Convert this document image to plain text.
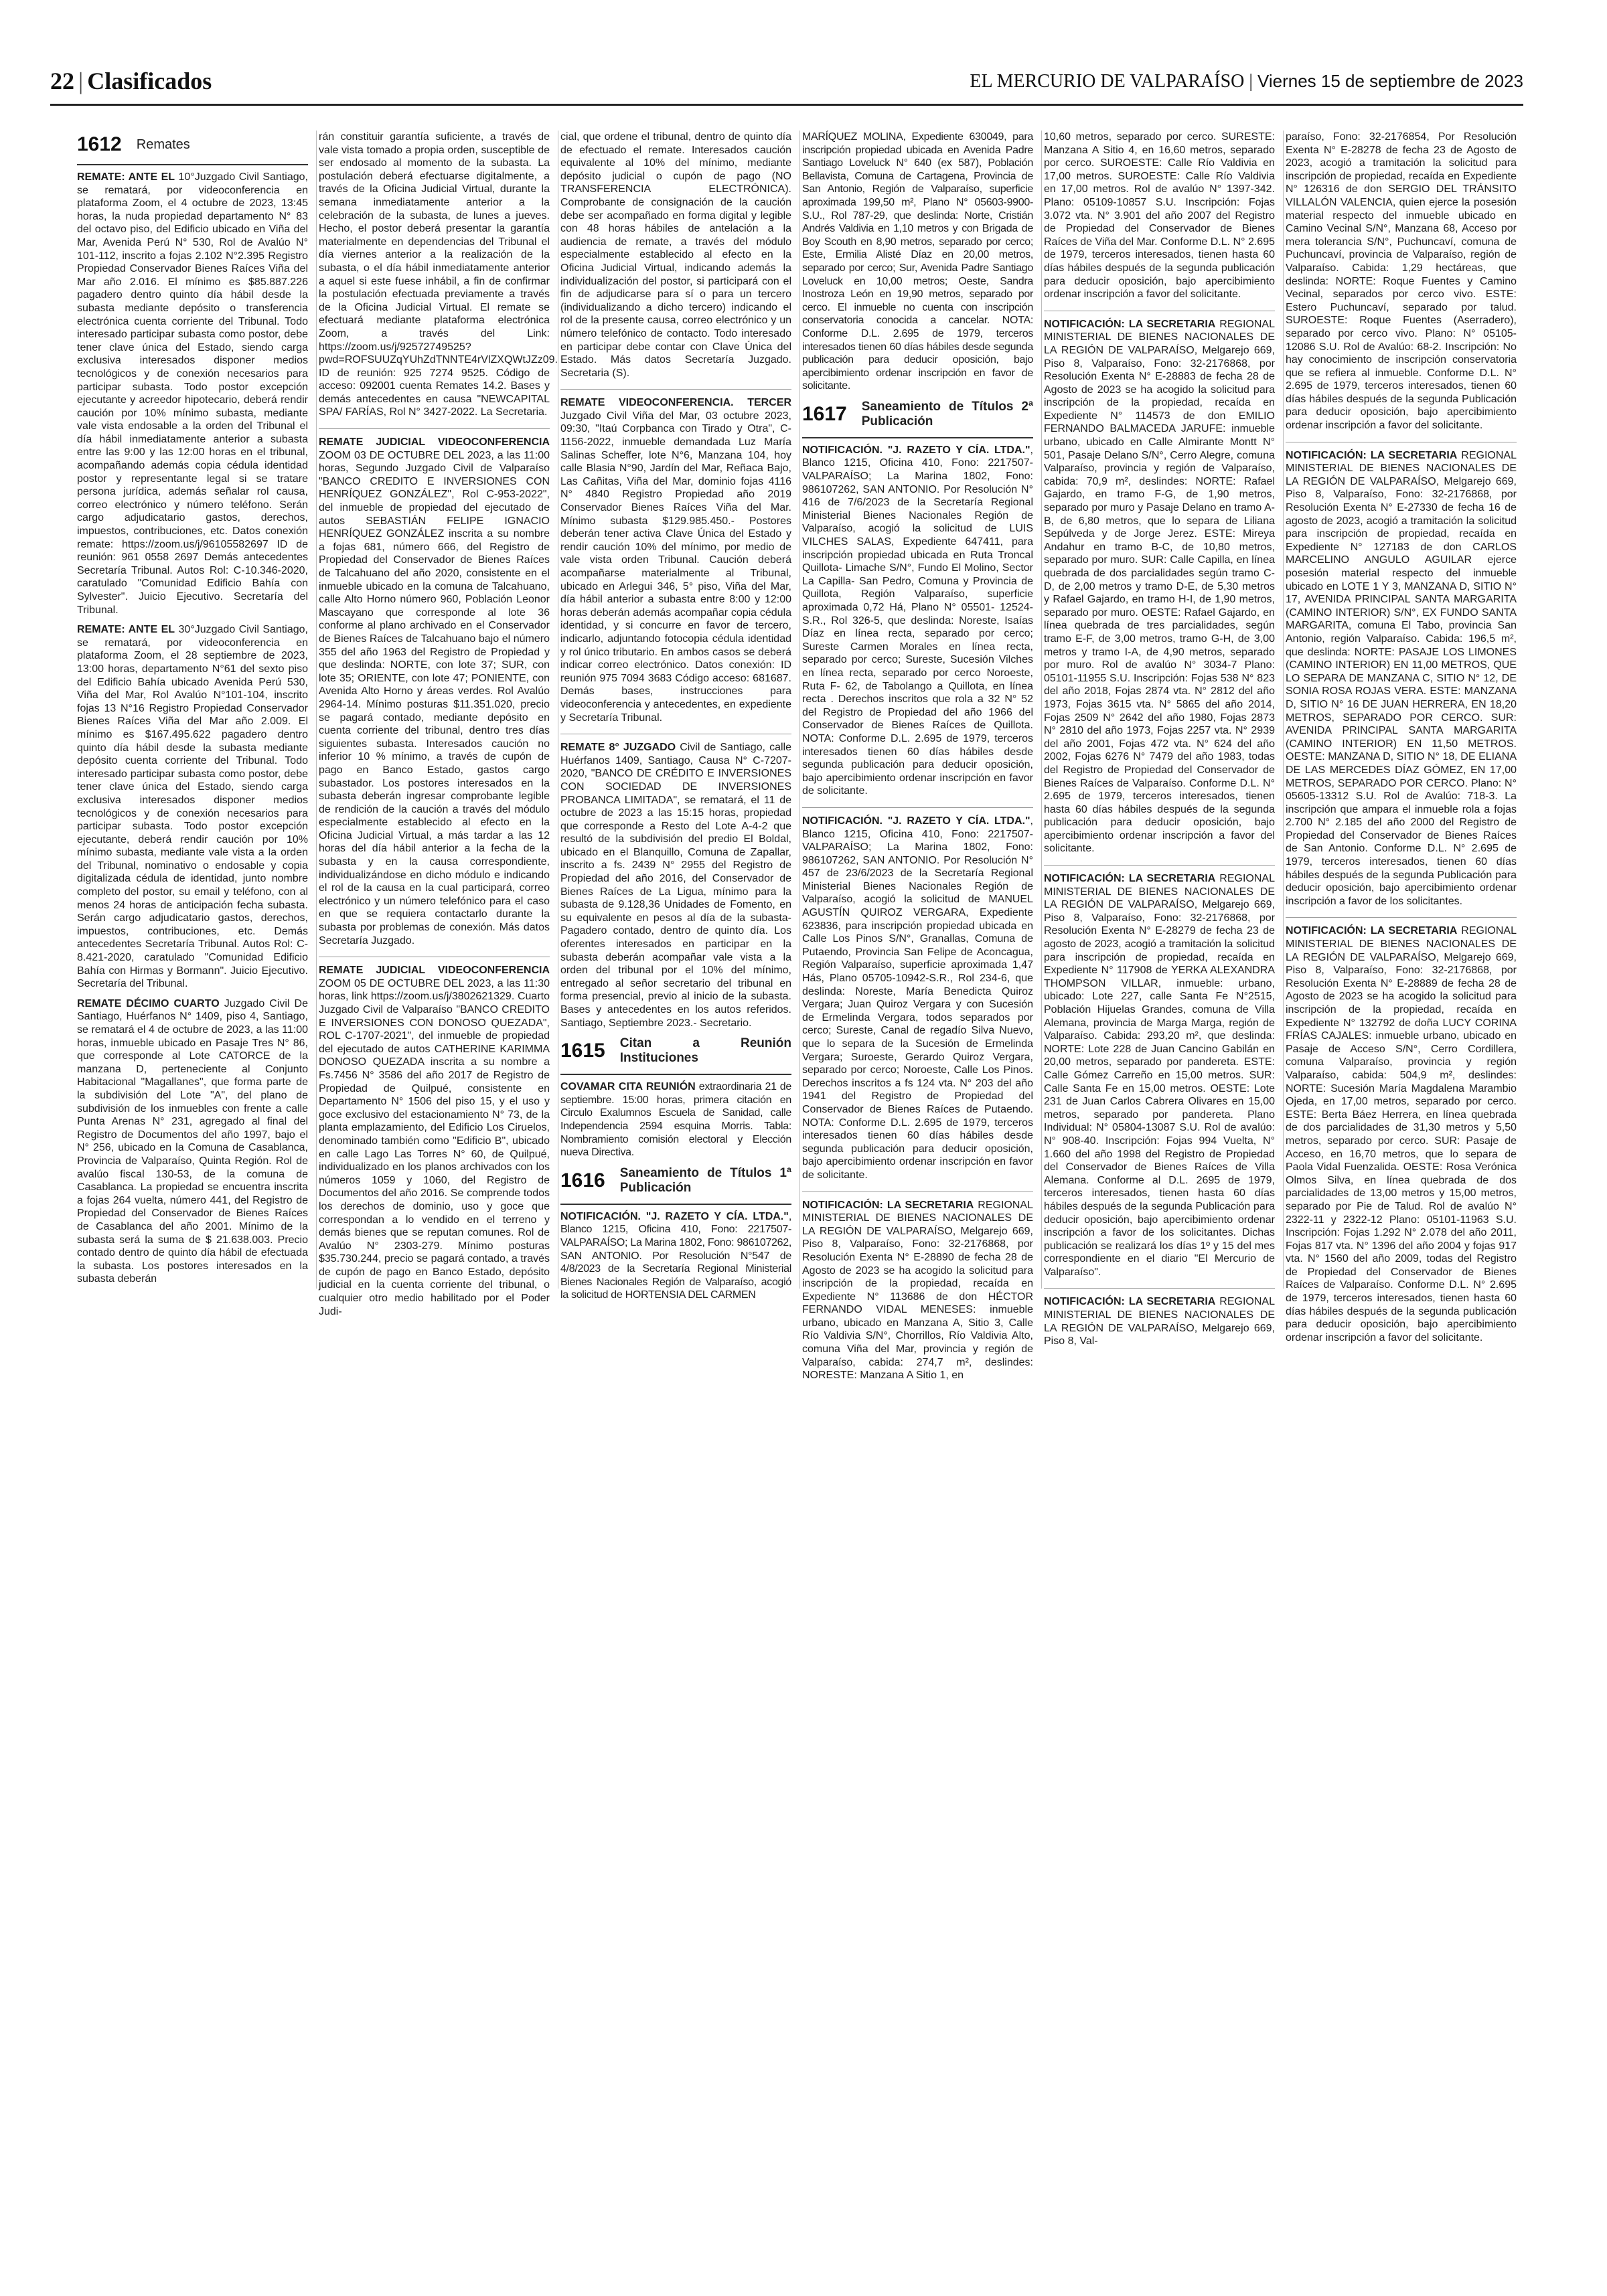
22 | Clasificados	EL MERCURIO DE VALPARAÍSO | Viernes 15 de septiembre de 2023
1612 Remates
REMATE: ANTE EL 10°Juzgado Civil Santiago, se rematará, por videoconferencia en plataforma Zoom, el 4 octubre de 2023, 13:45 horas, la nuda propiedad departamento N° 83 del octavo piso, del Edificio ubicado en Viña del Mar, Avenida Perú N° 530, Rol de Avalúo N° 101-112, inscrito a fojas 2.102 N°2.395 Registro Propiedad Conservador Bienes Raíces Viña del Mar año 2.016. El mínimo es $85.887.226 pagadero dentro quinto día hábil desde la subasta mediante depósito o transferencia electrónica cuenta corriente del Tribunal. Todo interesado participar subasta como postor, debe tener clave única del Estado, siendo carga exclusiva interesados disponer medios tecnológicos y de conexión necesarios para participar subasta. Todo postor excepción ejecutante y acreedor hipotecario, deberá rendir caución por 10% mínimo subasta, mediante vale vista endosable a la orden del Tribunal el día hábil inmediatamente anterior a subasta entre las 9:00 y las 12:00 horas en el tribunal, acompañando además copia cédula identidad postor y representante legal si se tratare persona jurídica, además señalar rol causa, correo electrónico y número teléfono. Serán cargo adjudicatario gastos, derechos, impuestos, contribuciones, etc. Datos conexión remate: https://zoom.us/j/96105582697 ID de reunión: 961 0558 2697 Demás antecedentes Secretaría Tribunal. Autos Rol: C-10.346-2020, caratulado "Comunidad Edificio Bahía con Sylvester". Juicio Ejecutivo. Secretaría del Tribunal.
REMATE: ANTE EL 30°Juzgado Civil Santiago, se rematará, por videoconferencia en plataforma Zoom, el 28 septiembre de 2023, 13:00 horas, departamento N°61 del sexto piso del Edificio Bahía ubicado Avenida Perú 530, Viña del Mar, Rol Avalúo N°101-104, inscrito fojas 13 N°16 Registro Propiedad Conservador Bienes Raíces Viña del Mar año 2.009. El mínimo es $167.495.622 pagadero dentro quinto día hábil desde la subasta mediante depósito cuenta corriente del Tribunal. Todo interesado participar subasta como postor, debe tener clave única del Estado, siendo carga exclusiva interesados disponer medios tecnológicos y de conexión necesarios para participar subasta. Todo postor excepción ejecutante, deberá rendir caución por 10% mínimo subasta, mediante vale vista a la orden del Tribunal, nominativo o endosable y copia digitalizada cédula de identidad, junto nombre completo del postor, su email y teléfono, con al menos 24 horas de anticipación fecha subasta. Serán cargo adjudicatario gastos, derechos, impuestos, contribuciones, etc. Demás antecedentes Secretaría Tribunal. Autos Rol: C-8.421-2020, caratulado "Comunidad Edificio Bahía con Hirmas y Bormann". Juicio Ejecutivo. Secretaría del Tribunal.
REMATE DÉCIMO CUARTO Juzgado Civil De Santiago, Huérfanos N° 1409, piso 4, Santiago, se rematará el 4 de octubre de 2023, a las 11:00 horas, inmueble ubicado en Pasaje Tres N° 86, que corresponde al Lote CATORCE de la manzana D, perteneciente al Conjunto Habitacional "Magallanes", que forma parte de la subdivisión del Lote "A", del plano de subdivisión de los inmuebles con frente a calle Punta Arenas N° 231, agregado al final del Registro de Documentos del año 1997, bajo el N° 256, ubicado en la Comuna de Casablanca, Provincia de Valparaíso, Quinta Región. Rol de avalúo fiscal 130-53, de la comuna de Casablanca. La propiedad se encuentra inscrita a fojas 264 vuelta, número 441, del Registro de Propiedad del Conservador de Bienes Raíces de Casablanca del año 2001. Mínimo de la subasta será la suma de $ 21.638.003. Precio contado dentro de quinto día hábil de efectuada la subasta. Los postores interesados en la subasta deberán
rán constituir garantía suficiente, a través de vale vista tomado a propia orden, susceptible de ser endosado al momento de la subasta. La postulación deberá efectuarse digitalmente, a través de la Oficina Judicial Virtual, durante la semana inmediatamente anterior a la celebración de la subasta, de lunes a jueves. Hecho, el postor deberá presentar la garantía materialmente en dependencias del Tribunal el día viernes anterior a la realización de la subasta, o el día hábil inmediatamente anterior a aquel si este fuese inhábil, a fin de confirmar la postulación efectuada previamente a través de la Oficina Judicial Virtual. El remate se efectuará mediante plataforma electrónica Zoom, a través del Link: https://zoom.us/j/92572749525?pwd=ROFSUUZqYUhZdTNNTE4rVlZXQWtJZz09. ID de reunión: 925 7274 9525. Código de acceso: 092001 cuenta Remates 14.2. Bases y demás antecedentes en causa "NEWCAPITAL SPA/ FARÍAS, Rol N° 3427-2022. La Secretaria.
REMATE JUDICIAL VIDEOCONFERENCIA ZOOM 03 DE OCTUBRE DEL 2023, a las 11:00 horas, Segundo Juzgado Civil de Valparaíso "BANCO CREDITO E INVERSIONES CON HENRÍQUEZ GONZÁLEZ", Rol C-953-2022", del inmueble de propiedad del ejecutado de autos SEBASTIÁN FELIPE IGNACIO HENRÍQUEZ GONZÁLEZ inscrita a su nombre a fojas 681, número 666, del Registro de Propiedad del Conservador de Bienes Raíces de Talcahuano del año 2020, consistente en el inmueble ubicado en la comuna de Talcahuano, calle Alto Horno número 960, Población Leonor Mascayano que corresponde al lote 36 conforme al plano archivado en el Conservador de Bienes Raíces de Talcahuano bajo el número 355 del año 1963 del Registro de Propiedad y que deslinda: NORTE, con lote 37; SUR, con lote 35; ORIENTE, con lote 47; PONIENTE, con Avenida Alto Horno y áreas verdes. Rol Avalúo 2964-14. Mínimo posturas $11.351.020, precio se pagará contado, mediante depósito en cuenta corriente del tribunal, dentro tres días siguientes subasta. Interesados caución no inferior 10 % mínimo, a través de cupón de pago en Banco Estado, gastos cargo subastador. Los postores interesados en la subasta deberán ingresar comprobante legible de rendición de la caución a través del módulo especialmente establecido al efecto en la Oficina Judicial Virtual, a más tardar a las 12 horas del día hábil anterior a la fecha de la subasta y en la causa correspondiente, individualizándose en dicho módulo e indicando el rol de la causa en la cual participará, correo electrónico y un número telefónico para el caso en que se requiera contactarlo durante la subasta por problemas de conexión. Más datos Secretaría Juzgado.
REMATE JUDICIAL VIDEOCONFERENCIA ZOOM 05 DE OCTUBRE DEL 2023, a las 11:30 horas, link https://zoom.us/j/3802621329. Cuarto Juzgado Civil de Valparaíso "BANCO CREDITO E INVERSIONES CON DONOSO QUEZADA", ROL C-1707-2021", del inmueble de propiedad del ejecutado de autos CATHERINE KARIMMA DONOSO QUEZADA inscrita a su nombre a Fs.7456 N° 3586 del año 2017 de Registro de Propiedad de Quilpué, consistente en Departamento N° 1506 del piso 15, y el uso y goce exclusivo del estacionamiento N° 73, de la planta emplazamiento, del Edificio Los Ciruelos, denominado también como "Edificio B", ubicado en calle Lago Las Torres N° 60, de Quilpué, individualizado en los planos archivados con los números 1059 y 1060, del Registro de Documentos del año 2016. Se comprende todos los derechos de dominio, uso y goce que correspondan a lo vendido en el terreno y demás bienes que se reputan comunes. Rol de Avalúo N° 2303-279. Mínimo posturas $35.730.244, precio se pagará contado, a través de cupón de pago en Banco Estado, depósito judicial en la cuenta corriente del tribunal, o cualquier otro medio habilitado por el Poder Judi-
cial, que ordene el tribunal, dentro de quinto día de efectuado el remate. Interesados caución equivalente al 10% del mínimo, mediante depósito judicial o cupón de pago (NO TRANSFERENCIA ELECTRÓNICA). Comprobante de consignación de la caución debe ser acompañado en forma digital y legible con 48 horas hábiles de antelación a la audiencia de remate, a través del módulo especialmente establecido al efecto en la Oficina Judicial Virtual, indicando además la individualización del postor, si participará con el fin de adjudicarse para sí o para un tercero (individualizando a dicho tercero) indicando el rol de la presente causa, correo electrónico y un número telefónico de contacto. Todo interesado en participar debe contar con Clave Única del Estado. Más datos Secretaría Juzgado. Secretaria (S).
REMATE VIDEOCONFERENCIA. TERCER Juzgado Civil Viña del Mar, 03 octubre 2023, 09:30, "Itaú Corpbanca con Tirado y Otra", C-1156-2022, inmueble demandada Luz María Salinas Scheffer, lote N°6, Manzana 104, hoy calle Blasia N°90, Jardín del Mar, Reñaca Bajo, Las Cañitas, Viña del Mar, dominio fojas 4116 N° 4840 Registro Propiedad año 2019 Conservador Bienes Raíces Viña del Mar. Mínimo subasta $129.985.450.- Postores deberán tener activa Clave Única del Estado y rendir caución 10% del mínimo, por medio de vale vista orden Tribunal. Caución deberá acompañarse materialmente al Tribunal, ubicado en Arlegui 346, 5° piso, Viña del Mar, día hábil anterior a subasta entre 8:00 y 12:00 horas deberán además acompañar copia cédula identidad, y si concurre en favor de tercero, indicarlo, adjuntando fotocopia cédula identidad y rol único tributario. En ambos casos se deberá indicar correo electrónico. Datos conexión: ID reunión 975 7094 3683 Código acceso: 681687. Demás bases, instrucciones para videoconferencia y antecedentes, en expediente y Secretaría Tribunal.
REMATE 8° JUZGADO Civil de Santiago, calle Huérfanos 1409, Santiago, Causa N° C-7207- 2020, "BANCO DE CRÉDITO E INVERSIONES CON SOCIEDAD DE INVERSIONES PROBANCA LIMITADA", se rematará, el 11 de octubre de 2023 a las 15:15 horas, propiedad que corresponde a Resto del Lote A-4-2 que resultó de la subdivisión del predio El Boldal, ubicado en el Blanquillo, Comuna de Zapallar, inscrito a fs. 2439 N° 2955 del Registro de Propiedad del año 2016, del Conservador de Bienes Raíces de La Ligua, mínimo para la subasta de 9.128,36 Unidades de Fomento, en su equivalente en pesos al día de la subasta- Pagadero contado, dentro de quinto día. Los oferentes interesados en participar en la subasta deberán acompañar vale vista a la orden del tribunal por el 10% del mínimo, entregado al señor secretario del tribunal en forma presencial, previo al inicio de la subasta. Bases y antecedentes en los autos referidos. Santiago, Septiembre 2023.- Secretario.
1615 Citan a Reunión Instituciones
COVAMAR CITA REUNIÓN extraordinaria 21 de septiembre. 15:00 horas, primera citación en Circulo Exalumnos Escuela de Sanidad, calle Independencia 2594 esquina Morris. Tabla: Nombramiento comisión electoral y Elección nueva Directiva.
1616 Saneamiento de Títulos 1ª Publicación
NOTIFICACIÓN. "J. RAZETO Y CÍA. LTDA.", Blanco 1215, Oficina 410, Fono: 2217507-VALPARAÍSO; La Marina 1802, Fono: 986107262, SAN ANTONIO. Por Resolución N°547 de 4/8/2023 de la Secretaría Regional Ministerial Bienes Nacionales Región de Valparaíso, acogió la solicitud de HORTENSIA DEL CARMEN
MARÍQUEZ MOLINA, Expediente 630049, para inscripción propiedad ubicada en Avenida Padre Santiago Loveluck N° 640 (ex 587), Población Bellavista, Comuna de Cartagena, Provincia de San Antonio, Región de Valparaíso, superficie aproximada 199,50 m², Plano N° 05603-9900- S.U., Rol 787-29, que deslinda: Norte, Cristián Andrés Valdivia en 1,10 metros y con Brigada de Boy Scouth en 8,90 metros, separado por cerco; Este, Ermilia Alisté Díaz en 20,00 metros, separado por cerco; Sur, Avenida Padre Santiago Loveluck en 10,00 metros; Oeste, Sandra Inostroza León en 19,90 metros, separado por cerco. El inmueble no cuenta con inscripción conservatoria conocida a cancelar. NOTA: Conforme D.L. 2.695 de 1979, terceros interesados tienen 60 días hábiles desde segunda publicación para deducir oposición, bajo apercibimiento ordenar inscripción en favor de solicitante.
1617 Saneamiento de Títulos 2ª Publicación
NOTIFICACIÓN. "J. RAZETO Y CÍA. LTDA.", Blanco 1215, Oficina 410, Fono: 2217507-VALPARAÍSO; La Marina 1802, Fono: 986107262, SAN ANTONIO. Por Resolución N° 416 de 7/6/2023 de la Secretaría Regional Ministerial Bienes Nacionales Región de Valparaíso, acogió la solicitud de LUIS VILCHES SALAS, Expediente 647411, para inscripción propiedad ubicada en Ruta Troncal Quillota- Limache S/N°, Fundo El Molino, Sector La Capilla- San Pedro, Comuna y Provincia de Quillota, Región Valparaíso, superficie aproximada 0,72 Há, Plano N° 05501- 12524- S.R., Rol 326-5, que deslinda: Noreste, Isaías Díaz en línea recta, separado por cerco; Sureste Carmen Morales en línea recta, separado por cerco; Sureste, Sucesión Vilches en línea recta, separado por cerco Noroeste, Ruta F- 62, de Tabolango a Quillota, en línea recta . Derechos inscritos que rola a 32 N° 52 del Registro de Propiedad del año 1966 del Conservador de Bienes Raíces de Quillota. NOTA: Conforme D.L. 2.695 de 1979, terceros interesados tienen 60 días hábiles desde segunda publicación para deducir oposición, bajo apercibimiento ordenar inscripción en favor de solicitante.
NOTIFICACIÓN. "J. RAZETO Y CÍA. LTDA.", Blanco 1215, Oficina 410, Fono: 2217507-VALPARAÍSO; La Marina 1802, Fono: 986107262, SAN ANTONIO. Por Resolución N° 457 de 23/6/2023 de la Secretaría Regional Ministerial Bienes Nacionales Región de Valparaíso, acogió la solicitud de MANUEL AGUSTÍN QUIROZ VERGARA, Expediente 623836, para inscripción propiedad ubicada en Calle Los Pinos S/N°, Granallas, Comuna de Putaendo, Provincia San Felipe de Aconcagua, Región Valparaíso, superficie aproximada 1,47 Hás, Plano 05705-10942-S.R., Rol 234-6, que deslinda: Noreste, María Benedicta Quiroz Vergara; Juan Quiroz Vergara y con Sucesión de Ermelinda Vergara, todos separados por cerco; Sureste, Canal de regadío Silva Nuevo, que lo separa de la Sucesión de Ermelinda Vergara; Suroeste, Gerardo Quiroz Vergara, separado por cerco; Noroeste, Calle Los Pinos. Derechos inscritos a fs 124 vta. N° 203 del año 1941 del Registro de Propiedad del Conservador de Bienes Raíces de Putaendo. NOTA: Conforme D.L. 2.695 de 1979, terceros interesados tienen 60 días hábiles desde segunda publicación para deducir oposición, bajo apercibimiento ordenar inscripción en favor de solicitante.
NOTIFICACIÓN: LA SECRETARIA REGIONAL MINISTERIAL DE BIENES NACIONALES DE LA REGIÓN DE VALPARAÍSO, Melgarejo 669, Piso 8, Valparaíso, Fono: 32-2176868, por Resolución Exenta N° E-28890 de fecha 28 de Agosto de 2023 se ha acogido la solicitud para inscripción de la propiedad, recaída en Expediente N° 113686 de don HÉCTOR FERNANDO VIDAL MENESES: inmueble urbano, ubicado en Manzana A, Sitio 3, Calle Río Valdivia S/N°, Chorrillos, Río Valdivia Alto, comuna Viña del Mar, provincia y región de Valparaíso, cabida: 274,7 m², deslindes: NORESTE: Manzana A Sitio 1, en
10,60 metros, separado por cerco. SURESTE: Manzana A Sitio 4, en 16,60 metros, separado por cerco. SUROESTE: Calle Río Valdivia en 17,00 metros. SUROESTE: Calle Río Valdivia en 17,00 metros. Rol de avalúo N° 1397-342. Plano: 05109-10857 S.U. Inscripción: Fojas 3.072 vta. N° 3.901 del año 2007 del Registro de Propiedad del Conservador de Bienes Raíces de Viña del Mar. Conforme D.L. N° 2.695 de 1979, terceros interesados, tienen hasta 60 días hábiles después de la segunda publicación para deducir oposición, bajo apercibimiento ordenar inscripción a favor del solicitante.
NOTIFICACIÓN: LA SECRETARIA REGIONAL MINISTERIAL DE BIENES NACIONALES DE LA REGIÓN DE VALPARAÍSO, Melgarejo 669, Piso 8, Valparaíso, Fono: 32-2176868, por Resolución Exenta N° E-28883 de fecha 28 de Agosto de 2023 se ha acogido la solicitud para inscripción de la propiedad, recaída en Expediente N° 114573 de don EMILIO FERNANDO BALMACEDA JARUFE: inmueble urbano, ubicado en Calle Almirante Montt N° 501, Pasaje Delano S/N°, Cerro Alegre, comuna Valparaíso, provincia y región de Valparaíso, cabida: 70,9 m², deslindes: NORTE: Rafael Gajardo, en tramo F-G, de 1,90 metros, separado por muro y Pasaje Delano en tramo A-B, de 6,80 metros, que lo separa de Liliana Sepúlveda y de Jorge Jerez. ESTE: Mireya Andahur en tramo B-C, de 10,80 metros, separado por muro. SUR: Calle Capilla, en línea quebrada de dos parcialidades según tramo C-D, de 2,00 metros y tramo D-E, de 5,30 metros y Rafael Gajardo, en tramo H-I, de 1,90 metros, separado por muro. OESTE: Rafael Gajardo, en línea quebrada de tres parcialidades, según tramo E-F, de 3,00 metros, tramo G-H, de 3,00 metros y tramo I-A, de 4,90 metros, separado por muro. Rol de avalúo N° 3034-7 Plano: 05101-11955 S.U. Inscripción: Fojas 538 N° 823 del año 2018, Fojas 2874 vta. N° 2812 del año 1973, Fojas 3615 vta. N° 5865 del año 2014, Fojas 2509 N° 2642 del año 1980, Fojas 2873 N° 2810 del año 1973, Fojas 2257 vta. N° 2939 del año 2001, Fojas 472 vta. N° 624 del año 2002, Fojas 6276 N° 7479 del año 1983, todas del Registro de Propiedad del Conservador de Bienes Raíces de Valparaíso. Conforme D.L. N° 2.695 de 1979, terceros interesados, tienen hasta 60 días hábiles después de la segunda publicación para deducir oposición, bajo apercibimiento ordenar inscripción a favor del solicitante.
NOTIFICACIÓN: LA SECRETARIA REGIONAL MINISTERIAL DE BIENES NACIONALES DE LA REGIÓN DE VALPARAÍSO, Melgarejo 669, Piso 8, Valparaíso, Fono: 32-2176868, por Resolución Exenta N° E-28279 de fecha 23 de agosto de 2023, acogió a tramitación la solicitud para inscripción de propiedad, recaída en Expediente N° 117908 de YERKA ALEXANDRA THOMPSON VILLAR, inmueble: urbano, ubicado: Lote 227, calle Santa Fe N°2515, Población Hijuelas Grandes, comuna de Villa Alemana, provincia de Marga Marga, región de Valparaíso. Cabida: 293,20 m², que deslinda: NORTE: Lote 228 de Juan Cancino Gabilán en 20,00 metros, separado por pandereta. ESTE: Calle Gómez Carreño en 15,00 metros. SUR: Calle Santa Fe en 15,00 metros. OESTE: Lote 231 de Juan Carlos Cabrera Olivares en 15,00 metros, separado por pandereta. Plano Individual: N° 05804-13087 S.U. Rol de avalúo: N° 908-40. Inscripción: Fojas 994 Vuelta, N° 1.660 del año 1998 del Registro de Propiedad del Conservador de Bienes Raíces de Villa Alemana. Conforme al D.L. 2695 de 1979, terceros interesados, tienen hasta 60 días hábiles después de la segunda Publicación para deducir oposición, bajo apercibimiento ordenar inscripción a favor de los solicitantes. Dichas publicación se realizará los días 1º y 15 del mes correspondiente en el diario "El Mercurio de Valparaíso".
NOTIFICACIÓN: LA SECRETARIA REGIONAL MINISTERIAL DE BIENES NACIONALES DE LA REGIÓN DE VALPARAÍSO, Melgarejo 669, Piso 8, Val-
paraíso, Fono: 32-2176854, Por Resolución Exenta N° E-28278 de fecha 23 de Agosto de 2023, acogió a tramitación la solicitud para inscripción de propiedad, recaída en Expediente N° 126316 de don SERGIO DEL TRÁNSITO VILLALÓN VALENCIA, quien ejerce la posesión material respecto del inmueble ubicado en Camino Vecinal S/N°, Manzana 68, Acceso por mera tolerancia S/N°, Puchuncaví, comuna de Puchuncaví, provincia de Valparaíso, región de Valparaíso. Cabida: 1,29 hectáreas, que deslinda: NORTE: Roque Fuentes y Camino Vecinal, separados por cerco vivo. ESTE: Estero Puchuncaví, separado por talud. SUROESTE: Roque Fuentes (Aserradero), separado por cerco vivo. Plano: N° 05105-12086 S.U. Rol de Avalúo: 68-2. Inscripción: No hay conocimiento de inscripción conservatoria que se refiera al inmueble. Conforme D.L. N° 2.695 de 1979, terceros interesados, tienen 60 días hábiles después de la segunda Publicación para deducir oposición, bajo apercibimiento ordenar inscripción a favor del solicitante.
NOTIFICACIÓN: LA SECRETARIA REGIONAL MINISTERIAL DE BIENES NACIONALES DE LA REGIÓN DE VALPARAÍSO, Melgarejo 669, Piso 8, Valparaíso, Fono: 32-2176868, por Resolución Exenta N° E-27330 de fecha 16 de agosto de 2023, acogió a tramitación la solicitud para inscripción de propiedad, recaída en Expediente N° 127183 de don CARLOS MARCELINO ANGULO AGUILAR ejerce posesión material respecto del inmueble ubicado en LOTE 1 Y 3, MANZANA D, SITIO N° 17, AVENIDA PRINCIPAL SANTA MARGARITA (CAMINO INTERIOR) S/N°, EX FUNDO SANTA MARGARITA, comuna El Tabo, provincia San Antonio, región Valparaíso. Cabida: 196,5 m², que deslinda: NORTE: PASAJE LOS LIMONES (CAMINO INTERIOR) EN 11,00 METROS, QUE LO SEPARA DE MANZANA C, SITIO N° 12, DE SONIA ROSA ROJAS VERA. ESTE: MANZANA D, SITIO N° 16 DE JUAN HERRERA, EN 18,20 METROS, SEPARADO POR CERCO. SUR: AVENIDA PRINCIPAL SANTA MARGARITA (CAMINO INTERIOR) EN 11,50 METROS. OESTE: MANZANA D, SITIO N° 18, DE ELIANA DE LAS MERCEDES DÍAZ GÓMEZ, EN 17,00 METROS, SEPARADO POR CERCO. Plano: N° 05605-13312 S.U. Rol de Avalúo: 718-3. La inscripción que ampara el inmueble rola a fojas 2.700 N° 2.185 del año 2000 del Registro de Propiedad del Conservador de Bienes Raíces de San Antonio. Conforme D.L. N° 2.695 de 1979, terceros interesados, tienen 60 días hábiles después de la segunda Publicación para deducir oposición, bajo apercibimiento ordenar inscripción a favor de los solicitantes.
NOTIFICACIÓN: LA SECRETARIA REGIONAL MINISTERIAL DE BIENES NACIONALES DE LA REGIÓN DE VALPARAÍSO, Melgarejo 669, Piso 8, Valparaíso, Fono: 32-2176868, por Resolución Exenta N° E-28889 de fecha 28 de Agosto de 2023 se ha acogido la solicitud para inscripción de la propiedad, recaída en Expediente N° 132792 de doña LUCY CORINA FRÍAS CAJALES: inmueble urbano, ubicado en Pasaje de Acceso S/N°, Cerro Cordillera, comuna Valparaíso, provincia y región Valparaíso, cabida: 504,9 m², deslindes: NORTE: Sucesión María Magdalena Marambio Ojeda, en 17,00 metros, separado por cerco. ESTE: Berta Báez Herrera, en línea quebrada de dos parcialidades de 31,30 metros y 5,50 metros, separado por cerco. SUR: Pasaje de Acceso, en 16,70 metros, que lo separa de Paola Vidal Fuenzalida. OESTE: Rosa Verónica Olmos Silva, en línea quebrada de dos parcialidades de 13,00 metros y 15,00 metros, separado por Pie de Talud. Rol de avalúo N° 2322-11 y 2322-12 Plano: 05101-11963 S.U. Inscripción: Fojas 1.292 N° 2.078 del año 2011, Fojas 817 vta. N° 1396 del año 2004 y fojas 917 vta. N° 1560 del año 2009, todas del Registro de Propiedad del Conservador de Bienes Raíces de Valparaíso. Conforme D.L. N° 2.695 de 1979, terceros interesados, tienen hasta 60 días hábiles después de la segunda publicación para deducir oposición, bajo apercibimiento ordenar inscripción a favor del solicitante.
